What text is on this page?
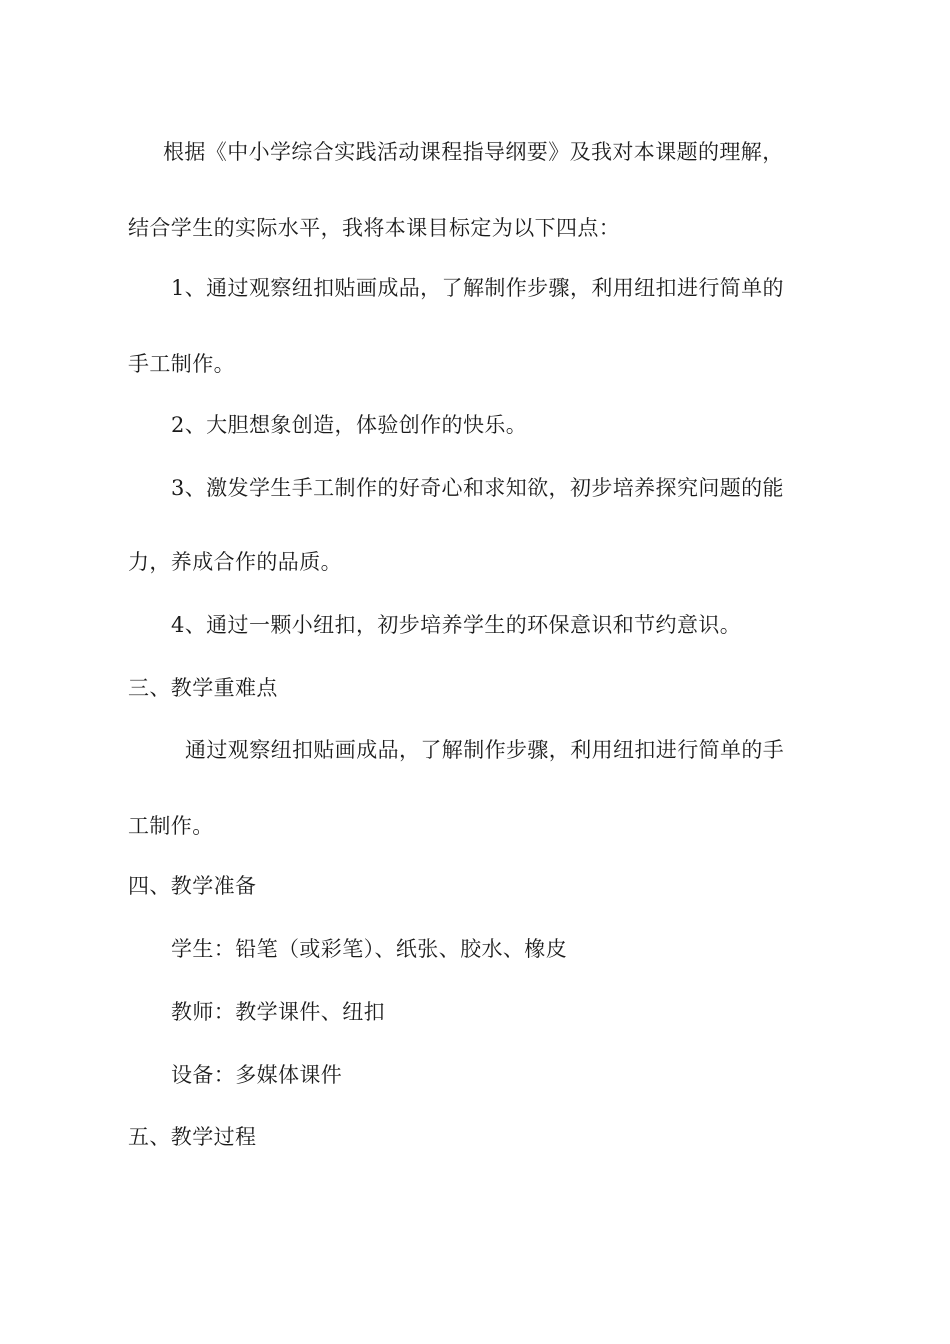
根据《中小学综合实践活动课程指导纲要》及我对本课题的理解，
结合学生的实际水平，我将本课目标定为以下四点：
1、通过观察纽扣贴画成品，了解制作步骤，利用纽扣进行简单的
手工制作。
2、大胆想象创造，体验创作的快乐。
3、激发学生手工制作的好奇心和求知欲，初步培养探究问题的能
力，养成合作的品质。
4、通过一颗小纽扣，初步培养学生的环保意识和节约意识。
三、教学重难点
通过观察纽扣贴画成品，了解制作步骤，利用纽扣进行简单的手
工制作。
四、教学准备
学生：铅笔（或彩笔）、纸张、胶水、橡皮
教师：教学课件、纽扣
设备：多媒体课件
五、教学过程
